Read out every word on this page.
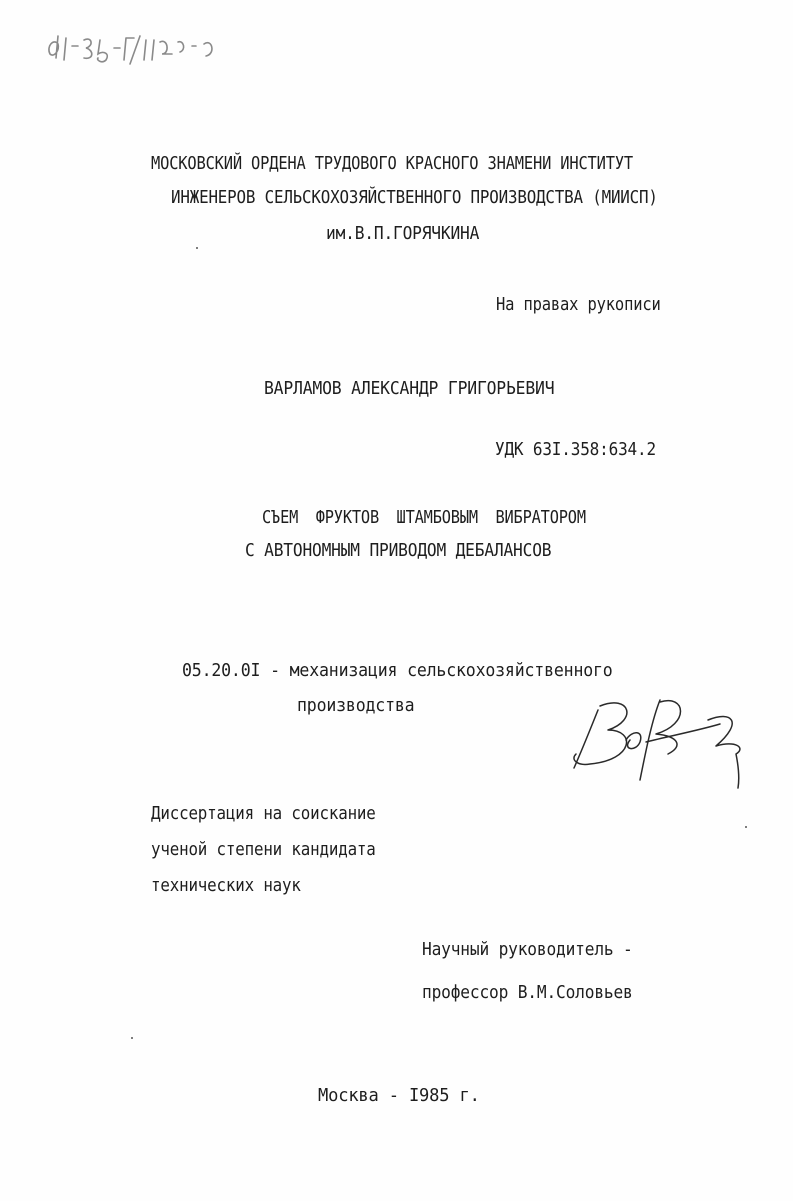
МОСКОВСКИЙ ОРДЕНА ТРУДОВОГО КРАСНОГО ЗНАМЕНИ ИНСТИТУТ

ИНЖЕНЕРОВ СЕЛЬСКОХОЗЯЙСТВЕННОГО ПРОИЗВОДСТВА (МИИСП)

им.В.П.ГОРЯЧКИНА

На правах рукописи

ВАРЛАМОВ АЛЕКСАНДР ГРИГОРЬЕВИЧ

УДК 63I.358:634.2

СЪЕМ ФРУКТОВ ШТАМБОВЫМ ВИБРАТОРОМ

С АВТОНОМНЫМ ПРИВОДОМ ДЕБАЛАНСОВ

05.20.0I - механизация сельскохозяйственного

производства

Диссертация на соискание

ученой степени кандидата

технических наук

Научный руководитель -

профессор В.М.Соловьев

Москва - I985 г.
